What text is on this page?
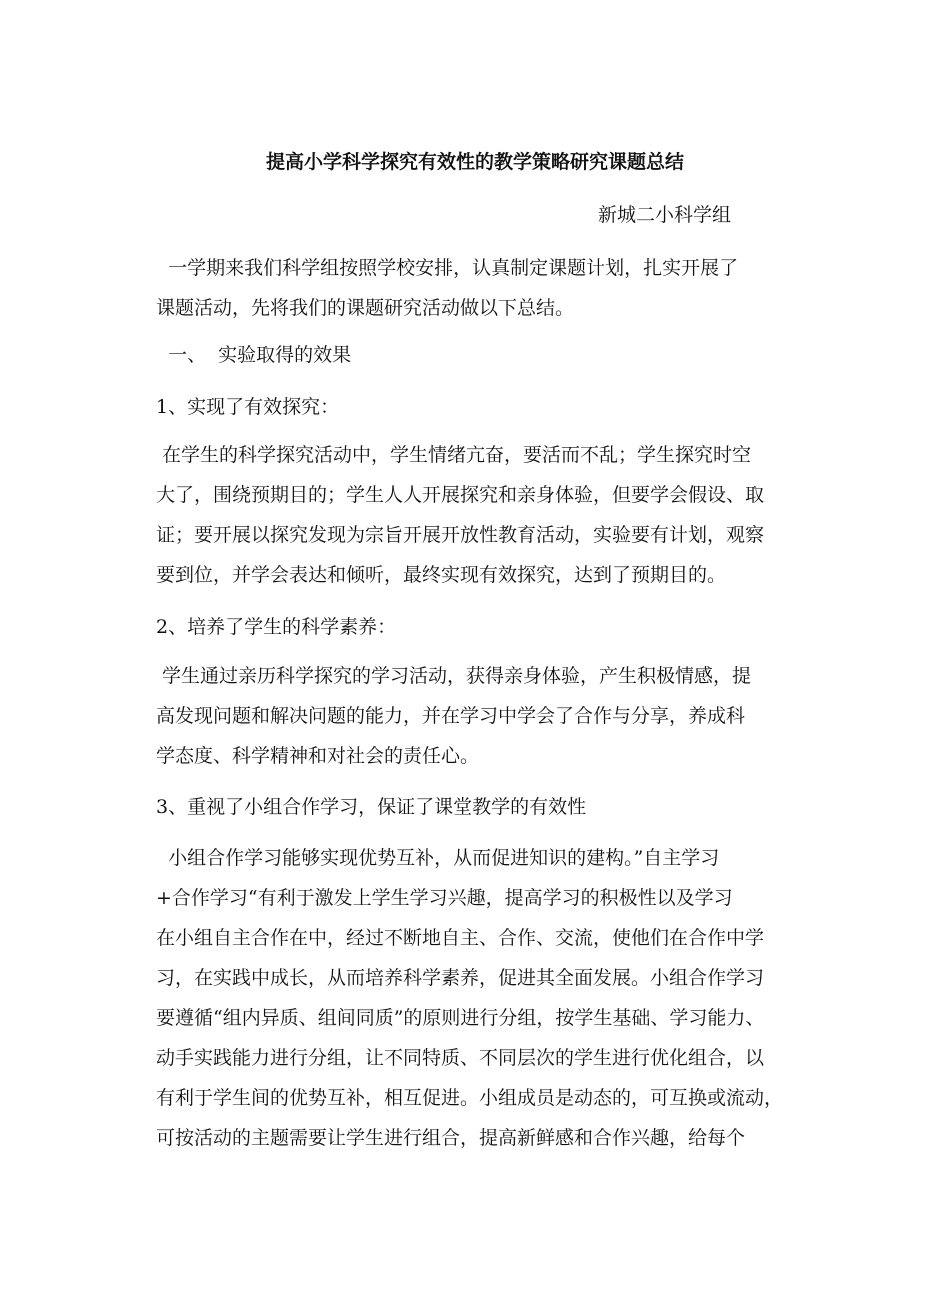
提高小学科学探究有效性的教学策略研究课题总结
新城二小科学组
一学期来我们科学组按照学校安排，认真制定课题计划，扎实开展了
课题活动，先将我们的课题研究活动做以下总结。
一、  实验取得的效果
1、实现了有效探究：
在学生的科学探究活动中，学生情绪亢奋，要活而不乱；学生探究时空
大了，围绕预期目的；学生人人开展探究和亲身体验，但要学会假设、取
证；要开展以探究发现为宗旨开展开放性教育活动，实验要有计划，观察
要到位，并学会表达和倾听，最终实现有效探究，达到了预期目的。
2、培养了学生的科学素养：
学生通过亲历科学探究的学习活动，获得亲身体验，产生积极情感，提
高发现问题和解决问题的能力，并在学习中学会了合作与分享，养成科
学态度、科学精神和对社会的责任心。
3、重视了小组合作学习，保证了课堂教学的有效性
小组合作学习能够实现优势互补，从而促进知识的建构。”自主学习
+合作学习“有利于激发上学生学习兴趣，提高学习的积极性以及学习
在小组自主合作在中，经过不断地自主、合作、交流，使他们在合作中学
习，在实践中成长，从而培养科学素养，促进其全面发展。小组合作学习
要遵循“组内异质、组间同质”的原则进行分组，按学生基础、学习能力、
动手实践能力进行分组，让不同特质、不同层次的学生进行优化组合，以
有利于学生间的优势互补，相互促进。小组成员是动态的，可互换或流动，
可按活动的主题需要让学生进行组合，提高新鲜感和合作兴趣，给每个
